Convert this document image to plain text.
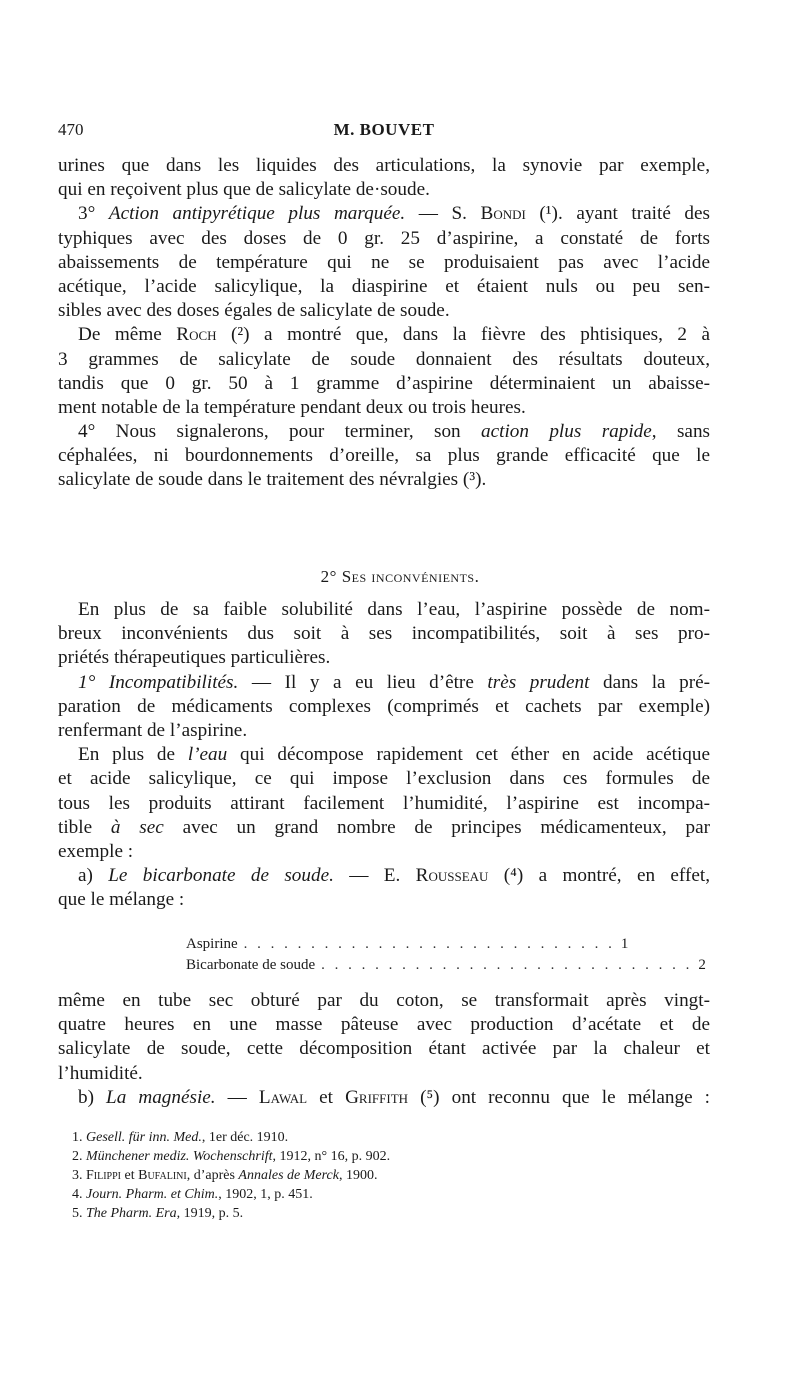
470	M. BOUVET
urines que dans les liquides des articulations, la synovie par exemple,
qui en reçoivent plus que de salicylate de·soude.
3° Action antipyrétique plus marquée. — S. Bondi (¹). ayant traité des
typhiques avec des doses de 0 gr. 25 d’aspirine, a constaté de forts
abaissements de température qui ne se produisaient pas avec l’acide
acétique, l’acide salicylique, la diaspirine et étaient nuls ou peu sen-
sibles avec des doses égales de salicylate de soude.
De même Roch (²) a montré que, dans la fièvre des phtisiques, 2 à
3 grammes de salicylate de soude donnaient des résultats douteux,
tandis que 0 gr. 50 à 1 gramme d’aspirine déterminaient un abaisse-
ment notable de la température pendant deux ou trois heures.
4° Nous signalerons, pour terminer, son action plus rapide, sans
céphalées, ni bourdonnements d’oreille, sa plus grande efficacité que le
salicylate de soude dans le traitement des névralgies (³).
2° Ses inconvénients.
En plus de sa faible solubilité dans l’eau, l’aspirine possède de nom-
breux inconvénients dus soit à ses incompatibilités, soit à ses pro-
priétés thérapeutiques particulières.
1° Incompatibilités. — Il y a eu lieu d’être très prudent dans la pré-
paration de médicaments complexes (comprimés et cachets par exemple)
renfermant de l’aspirine.
En plus de l’eau qui décompose rapidement cet éther en acide acétique
et acide salicylique, ce qui impose l’exclusion dans ces formules de
tous les produits attirant facilement l’humidité, l’aspirine est incompa-
tible à sec avec un grand nombre de principes médicamenteux, par
exemple :
a) Le bicarbonate de soude. — E. Rousseau (⁴) a montré, en effet,
que le mélange :
Aspirine . . . . . . . . . . . . . . . . . . . . . . . . . . . . 1
Bicarbonate de soude . . . . . . . . . . . . . . . . . . . . . . . . . . . . 2
même en tube sec obturé par du coton, se transformait après vingt-
quatre heures en une masse pâteuse avec production d’acétate et de
salicylate de soude, cette décomposition étant activée par la chaleur et
l’humidité.
b) La magnésie. — Lawal et Griffith (⁵) ont reconnu que le mélange :
1. Gesell. für inn. Med., 1er déc. 1910.
2. Münchener mediz. Wochenschrift, 1912, n° 16, p. 902.
3. Filippi et Bufalini, d’après Annales de Merck, 1900.
4. Journ. Pharm. et Chim., 1902, 1, p. 451.
5. The Pharm. Era, 1919, p. 5.
